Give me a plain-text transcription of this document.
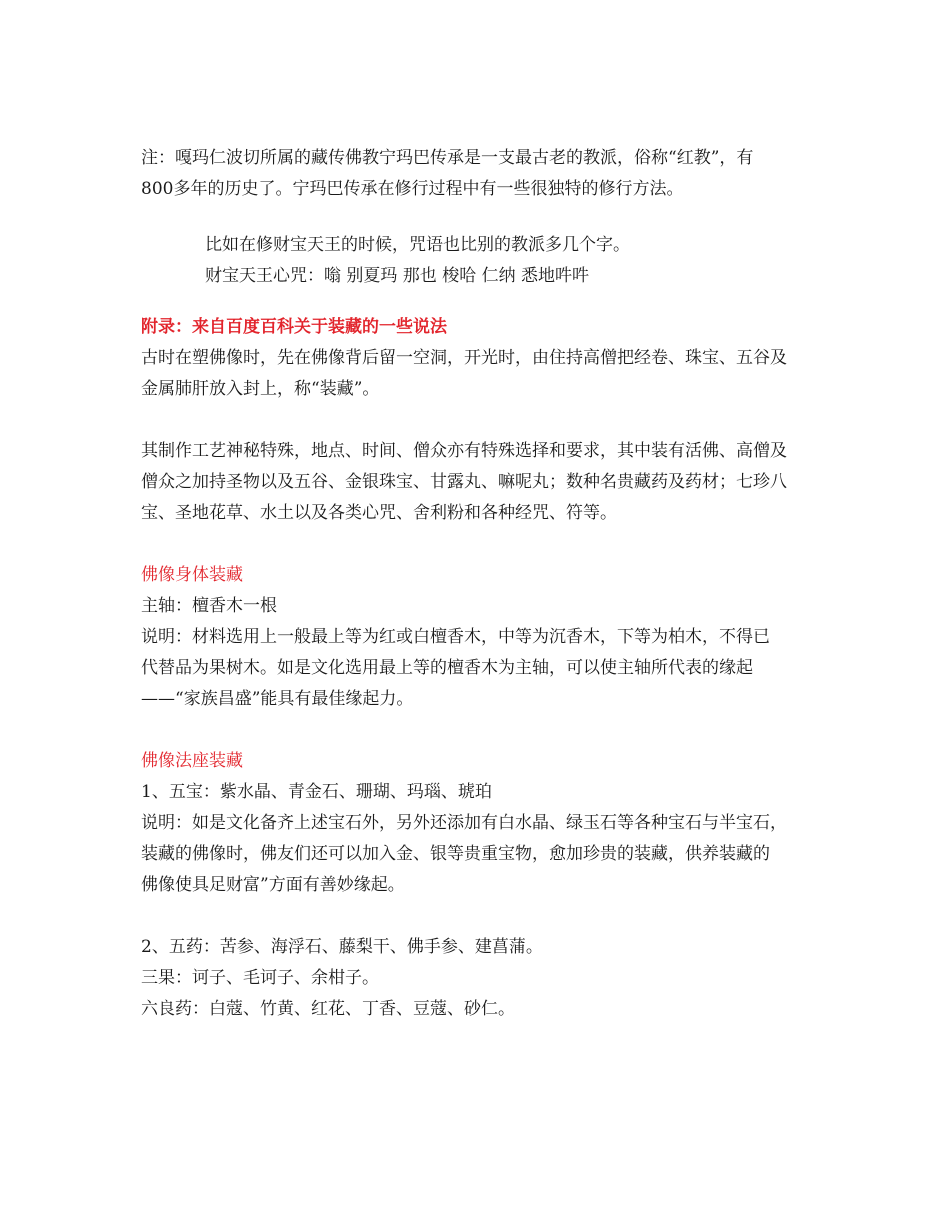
注：嘎玛仁波切所属的藏传佛教宁玛巴传承是一支最古老的教派，俗称“红教”，有

800多年的历史了。宁玛巴传承在修行过程中有一些很独特的修行方法。

比如在修财宝天王的时候，咒语也比别的教派多几个字。

财宝天王心咒：嗡 别夏玛 那也 梭哈 仁纳 悉地吽吽

附录：来自百度百科关于装藏的一些说法

古时在塑佛像时，先在佛像背后留一空洞，开光时，由住持高僧把经卷、珠宝、五谷及

金属肺肝放入封上，称“装藏”。

其制作工艺神秘特殊，地点、时间、僧众亦有特殊选择和要求，其中装有活佛、高僧及

僧众之加持圣物以及五谷、金银珠宝、甘露丸、嘛呢丸；数种名贵藏药及药材；七珍八

宝、圣地花草、水土以及各类心咒、舍利粉和各种经咒、符等。

佛像身体装藏

主轴：檀香木一根

说明：材料选用上一般最上等为红或白檀香木，中等为沉香木，下等为柏木，不得已

代替品为果树木。如是文化选用最上等的檀香木为主轴，可以使主轴所代表的缘起

——“家族昌盛”能具有最佳缘起力。

佛像法座装藏

1、五宝：紫水晶、青金石、珊瑚、玛瑙、琥珀

说明：如是文化备齐上述宝石外，另外还添加有白水晶、绿玉石等各种宝石与半宝石，

装藏的佛像时，佛友们还可以加入金、银等贵重宝物，愈加珍贵的装藏，供养装藏的

佛像使具足财富”方面有善妙缘起。

2、五药：苦参、海浮石、藤梨干、佛手参、建菖蒲。

三果：诃子、毛诃子、余柑子。

六良药：白蔻、竹黄、红花、丁香、豆蔻、砂仁。
